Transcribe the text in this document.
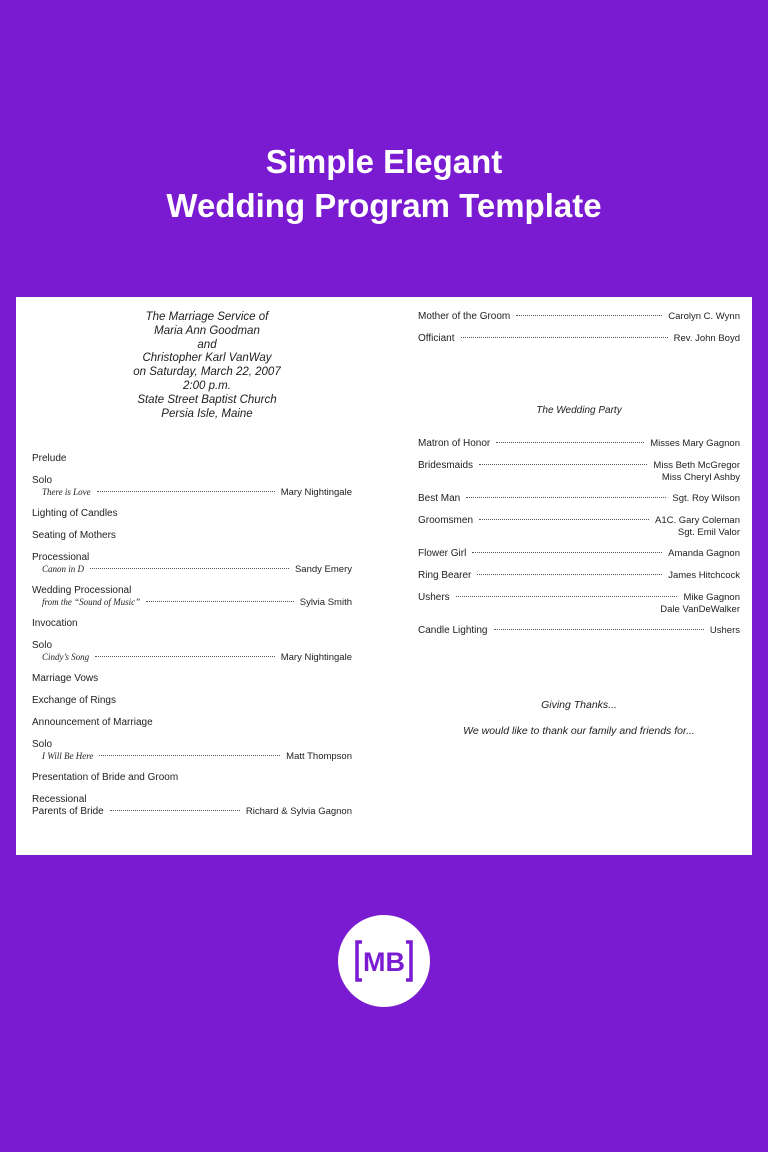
Simple Elegant
Wedding Program Template
The Marriage Service of
Maria Ann Goodman
and
Christopher Karl VanWay
on Saturday, March 22, 2007
2:00 p.m.
State Street Baptist Church
Persia Isle, Maine
Prelude
Solo
There is Love	Mary Nightingale
Lighting of Candles
Seating of Mothers
Processional
Canon in D	Sandy Emery
Wedding Processional
from the “Sound of Music”	Sylvia Smith
Invocation
Solo
Cindy’s Song	Mary Nightingale
Marriage Vows
Exchange of Rings
Announcement of Marriage
Solo
I Will Be Here	Matt Thompson
Presentation of Bride and Groom
Recessional
Parents of Bride	Richard & Sylvia Gagnon
Mother of the Groom	Carolyn C. Wynn
Officiant	Rev. John Boyd
The Wedding Party
Matron of Honor	Misses Mary Gagnon
Bridesmaids	Miss Beth McGregor
Miss Cheryl Ashby
Best Man	Sgt. Roy Wilson
Groomsmen	A1C. Gary Coleman
Sgt. Emil Valor
Flower Girl	Amanda Gagnon
Ring Bearer	James Hitchcock
Ushers	Mike Gagnon
Dale VanDeWalker
Candle Lighting	Ushers
Giving Thanks...
We would like to thank our family and friends for...
MB
